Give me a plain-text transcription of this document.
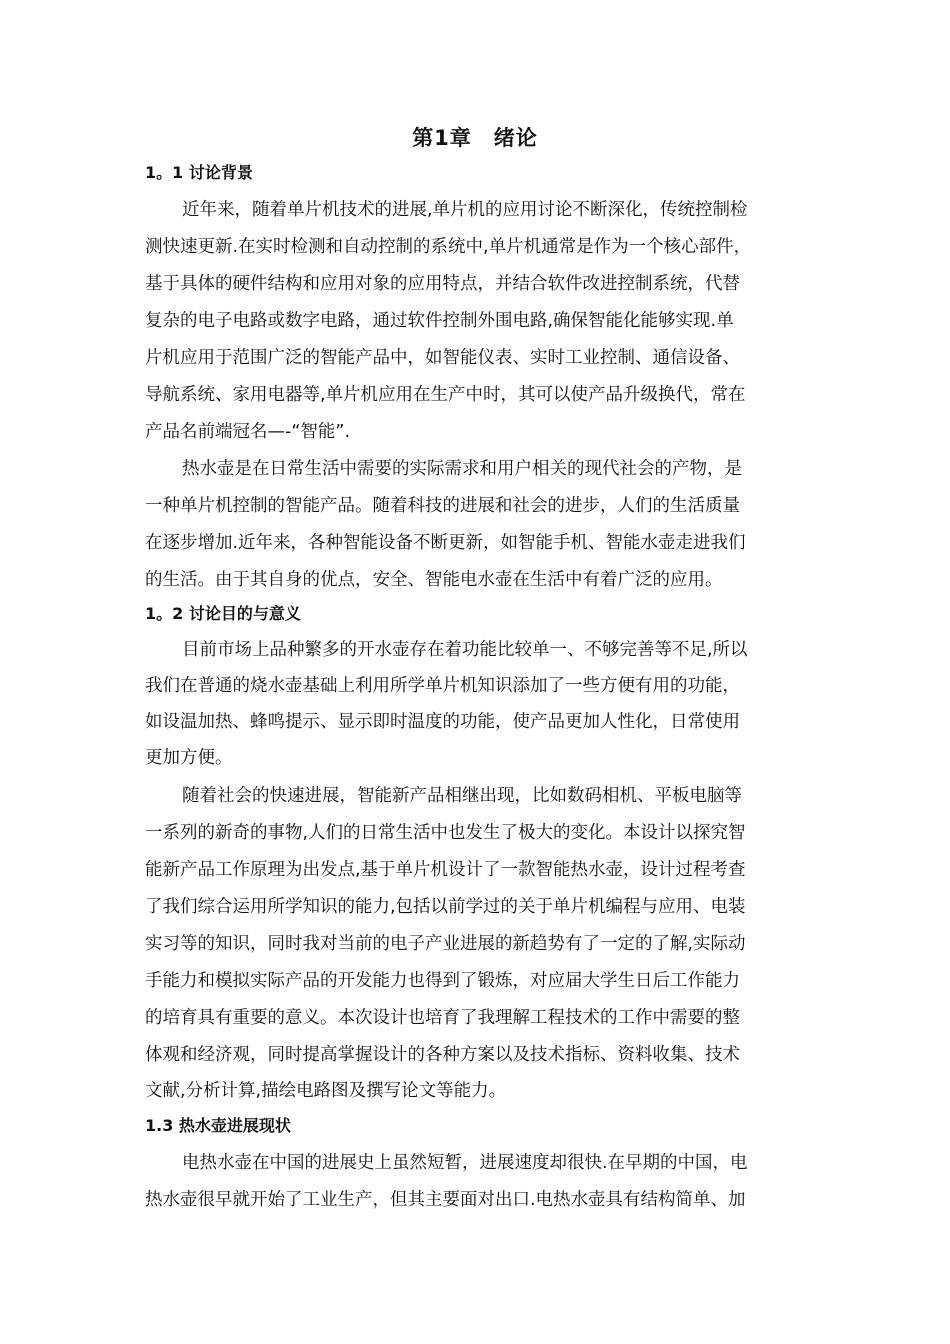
第1章　绪论
1。1 讨论背景
近年来，随着单片机技术的进展,单片机的应用讨论不断深化，传统控制检
测快速更新.在实时检测和自动控制的系统中,单片机通常是作为一个核心部件，
基于具体的硬件结构和应用对象的应用特点，并结合软件改进控制系统，代替
复杂的电子电路或数字电路，通过软件控制外围电路,确保智能化能够实现.单
片机应用于范围广泛的智能产品中，如智能仪表、实时工业控制、通信设备、
导航系统、家用电器等,单片机应用在生产中时，其可以使产品升级换代，常在
产品名前端冠名—-“智能”.
热水壶是在日常生活中需要的实际需求和用户相关的现代社会的产物，是
一种单片机控制的智能产品。随着科技的进展和社会的进步，人们的生活质量
在逐步增加.近年来，各种智能设备不断更新，如智能手机、智能水壶走进我们
的生活。由于其自身的优点，安全、智能电水壶在生活中有着广泛的应用。
1。2 讨论目的与意义
目前市场上品种繁多的开水壶存在着功能比较单一、不够完善等不足,所以
我们在普通的烧水壶基础上利用所学单片机知识添加了一些方便有用的功能，
如设温加热、蜂鸣提示、显示即时温度的功能，使产品更加人性化，日常使用
更加方便。
随着社会的快速进展，智能新产品相继出现，比如数码相机、平板电脑等
一系列的新奇的事物,人们的日常生活中也发生了极大的变化。本设计以探究智
能新产品工作原理为出发点,基于单片机设计了一款智能热水壶，设计过程考查
了我们综合运用所学知识的能力,包括以前学过的关于单片机编程与应用、电装
实习等的知识，同时我对当前的电子产业进展的新趋势有了一定的了解,实际动
手能力和模拟实际产品的开发能力也得到了锻炼，对应届大学生日后工作能力
的培育具有重要的意义。本次设计也培育了我理解工程技术的工作中需要的整
体观和经济观，同时提高掌握设计的各种方案以及技术指标、资料收集、技术
文献,分析计算,描绘电路图及撰写论文等能力。
1.3 热水壶进展现状
电热水壶在中国的进展史上虽然短暂，进展速度却很快.在早期的中国，电
热水壶很早就开始了工业生产，但其主要面对出口.电热水壶具有结构简单、加
